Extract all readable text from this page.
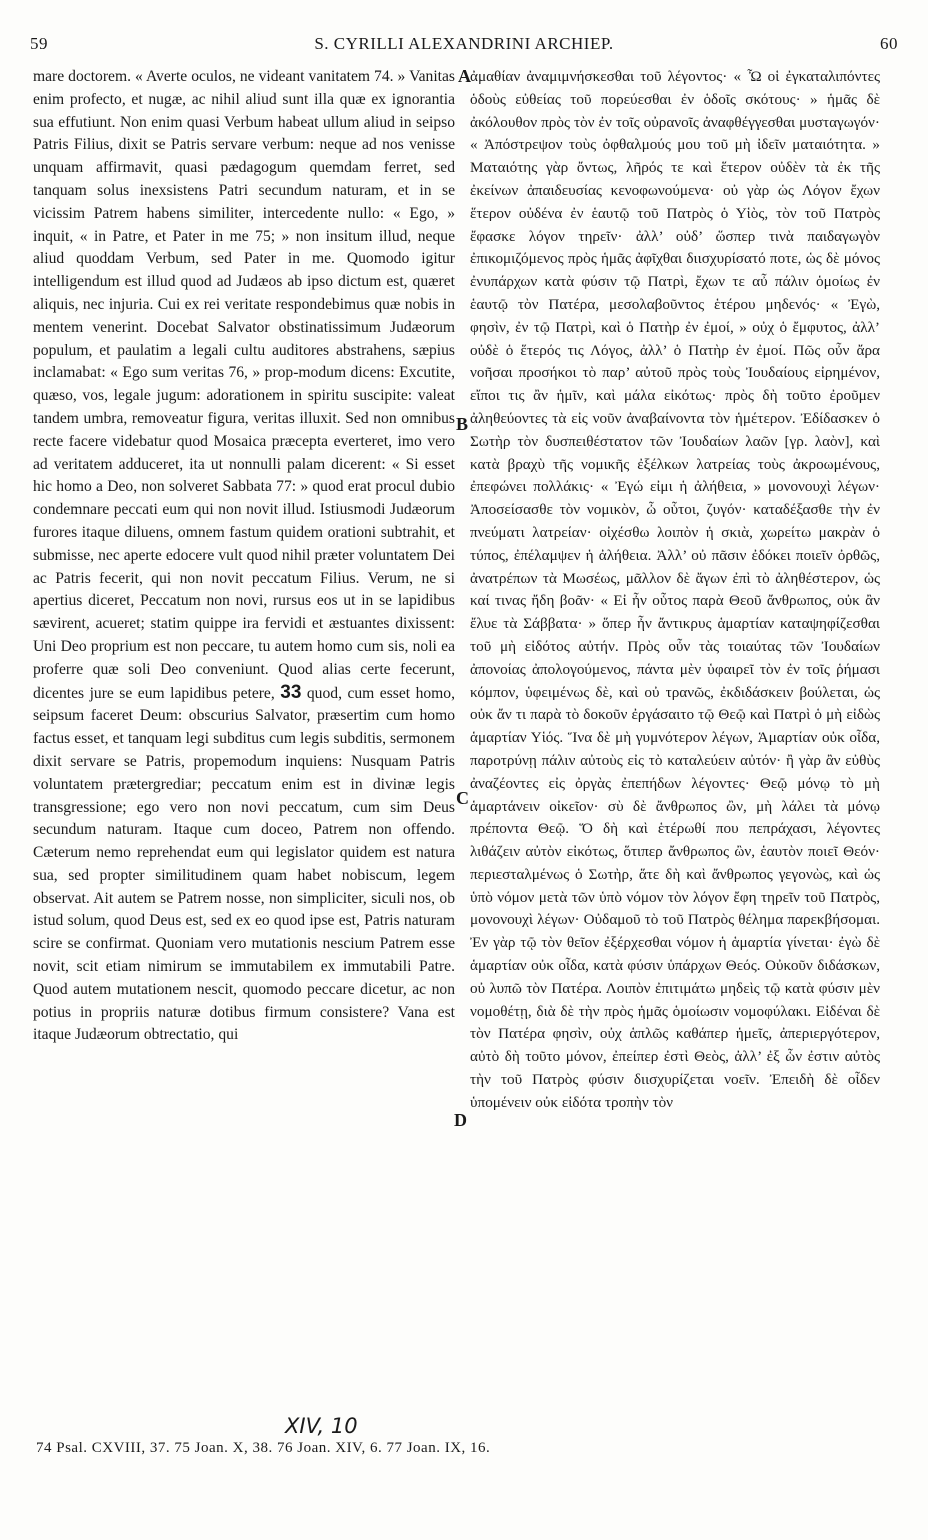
59	S. CYRILLI ALEXANDRINI ARCHIEP.	60

mare doctorem. « Averte oculos, ne videant vanitatem 74. » Vanitas enim profecto, et nugæ, ac nihil aliud sunt illa quæ ex ignorantia sua effutiunt. Non enim quasi Verbum habeat ullum aliud in seipso Patris Filius, dixit se Patris servare verbum: neque ad nos venisse unquam affirmavit, quasi pædagogum quemdam ferret, sed tanquam solus inexsistens Patri secundum naturam, et in se vicissim Patrem habens similiter, intercedente nullo: « Ego, » inquit, « in Patre, et Pater in me 75; » non insitum illud, neque aliud quoddam Verbum, sed Pater in me. Quomodo igitur intelligendum est illud quod ad Judæos ab ipso dictum est, quæret aliquis, nec injuria. Cui ex rei veritate respondebimus quæ nobis in mentem venerint. Docebat Salvator obstinatissimum Judæorum populum, et paulatim a legali cultu auditores abstrahens, sæpius inclamabat: « Ego sum veritas 76, » prop-modum dicens: Excutite, quæso, vos, legale jugum: adorationem in spiritu suscipite: valeat tandem umbra, removeatur figura, veritas illuxit. Sed non omnibus recte facere videbatur quod Mosaica præcepta everteret, imo vero ad veritatem adduceret, ita ut nonnulli palam dicerent: « Si esset hic homo a Deo, non solveret Sabbata 77: » quod erat procul dubio condemnare peccati eum qui non novit illud. Istiusmodi Judæorum furores itaque diluens, omnem fastum quidem orationi subtrahit, et submisse, nec aperte edocere vult quod nihil præter voluntatem Dei ac Patris fecerit, qui non novit peccatum Filius. Verum, ne si apertius diceret, Peccatum non novi, rursus eos ut in se lapidibus sævirent, acueret; statim quippe ira fervidi et æstuantes dixissent: Uni Deo proprium est non peccare, tu autem homo cum sis, noli ea proferre quæ soli Deo conveniunt. Quod alias certe fecerunt, dicentes jure se eum lapidibus petere, 33 quod, cum esset homo, seipsum faceret Deum: obscurius Salvator, præsertim cum homo factus esset, et tanquam legi subditus cum legis subditis, sermonem dixit servare se Patris, propemodum inquiens: Nusquam Patris voluntatem prætergrediar; peccatum enim est in divinæ legis transgressione; ego vero non novi peccatum, cum sim Deus secundum naturam. Itaque cum doceo, Patrem non offendo. Cæterum nemo reprehendat eum qui legislator quidem est natura sua, sed propter similitudinem quam habet nobiscum, legem observat. Ait autem se Patrem nosse, non simpliciter, siculi nos, ob istud solum, quod Deus est, sed ex eo quod ipse est, Patris naturam scire se confirmat. Quoniam vero mutationis nescium Patrem esse novit, scit etiam nimirum se immutabilem ex immutabili Patre. Quod autem mutationem nescit, quomodo peccare dicetur, ac non potius in propriis naturæ dotibus firmum consistere? Vana est itaque Judæorum obtrectatio, qui

A
B
C
D

ἀμαθίαν ἀναμιμνήσκεσθαι τοῦ λέγοντος· « Ὦ οἱ ἐγκαταλιπόντες ὁδοὺς εὐθείας τοῦ πορεύεσθαι ἐν ὁδοῖς σκότους· » ἡμᾶς δὲ ἀκόλουθον πρὸς τὸν ἐν τοῖς οὐρανοῖς ἀναφθέγγεσθαι μυσταγωγόν· « Ἀπόστρεψον τοὺς ὀφθαλμούς μου τοῦ μὴ ἰδεῖν ματαιότητα. » Ματαιότης γὰρ ὄντως, λῆρός τε καὶ ἕτερον οὐδὲν τὰ ἐκ τῆς ἐκείνων ἀπαιδευσίας κενοφωνούμενα· οὐ γὰρ ὡς Λόγον ἔχων ἕτερον οὐδένα ἐν ἑαυτῷ τοῦ Πατρὸς ὁ Υἱὸς, τὸν τοῦ Πατρὸς ἔφασκε λόγον τηρεῖν· ἀλλ’ οὐδ’ ὥσπερ τινὰ παιδαγωγὸν ἐπικομιζόμενος πρὸς ἡμᾶς ἀφῖχθαι διισχυρίσατό ποτε, ὡς δὲ μόνος ἐνυπάρχων κατὰ φύσιν τῷ Πατρὶ, ἔχων τε αὖ πάλιν ὁμοίως ἐν ἑαυτῷ τὸν Πατέρα, μεσολαβοῦντος ἑτέρου μηδενός· « Ἐγὼ, φησὶν, ἐν τῷ Πατρὶ, καὶ ὁ Πατὴρ ἐν ἐμοί, » οὐχ ὁ ἔμφυτος, ἀλλ’ οὐδὲ ὁ ἕτερός τις Λόγος, ἀλλ’ ὁ Πατὴρ ἐν ἐμοί. Πῶς οὖν ἄρα νοῆσαι προσήκοι τὸ παρ’ αὐτοῦ πρὸς τοὺς Ἰουδαίους εἰρημένον, εἴποι τις ἂν ἡμῖν, καὶ μάλα εἰκότως· πρὸς δὴ τοῦτο ἐροῦμεν ἀληθεύοντες τὰ εἰς νοῦν ἀναβαίνοντα τὸν ἡμέτερον. Ἐδίδασκεν ὁ Σωτὴρ τὸν δυσπειθέστατον τῶν Ἰουδαίων λαῶν [γρ. λαὸν], καὶ κατὰ βραχὺ τῆς νομικῆς ἐξέλκων λατρείας τοὺς ἀκροωμένους, ἐπεφώνει πολλάκις· « Ἐγώ εἰμι ἡ ἀλήθεια, » μονονουχὶ λέγων· Ἀποσείσασθε τὸν νομικὸν, ὦ οὗτοι, ζυγόν· καταδέξασθε τὴν ἐν πνεύματι λατρείαν· οἰχέσθω λοιπὸν ἡ σκιὰ, χωρείτω μακρὰν ὁ τύπος, ἐπέλαμψεν ἡ ἀλήθεια. Ἀλλ’ οὐ πᾶσιν ἐδόκει ποιεῖν ὀρθῶς, ἀνατρέπων τὰ Μωσέως, μᾶλλον δὲ ἄγων ἐπὶ τὸ ἀληθέστερον, ὡς καί τινας ἤδη βοᾶν· « Εἰ ἦν οὗτος παρὰ Θεοῦ ἄνθρωπος, οὐκ ἂν ἔλυε τὰ Σάββατα· » ὅπερ ἦν ἄντικρυς ἁμαρτίαν καταψηφίζεσθαι τοῦ μὴ εἰδότος αὐτήν. Πρὸς οὖν τὰς τοιαύτας τῶν Ἰουδαίων ἀπονοίας ἀπολογούμενος, πάντα μὲν ὑφαιρεῖ τὸν ἐν τοῖς ῥήμασι κόμπον, ὑφειμένως δὲ, καὶ οὐ τρανῶς, ἐκδιδάσκειν βούλεται, ὡς οὐκ ἄν τι παρὰ τὸ δοκοῦν ἐργάσαιτο τῷ Θεῷ καὶ Πατρὶ ὁ μὴ εἰδὼς ἁμαρτίαν Υἱός. Ἵνα δὲ μὴ γυμνότερον λέγων, Ἁμαρτίαν οὐκ οἶδα, παροτρύνῃ πάλιν αὐτοὺς εἰς τὸ καταλεύειν αὐτόν· ἢ γὰρ ἂν εὐθὺς ἀναζέοντες εἰς ὀργὰς ἐπεπήδων λέγοντες· Θεῷ μόνῳ τὸ μὴ ἁμαρτάνειν οἰκεῖον· σὺ δὲ ἄνθρωπος ὢν, μὴ λάλει τὰ μόνῳ πρέποντα Θεῷ. Ὅ δὴ καὶ ἑτέρωθί που πεπράχασι, λέγοντες λιθάζειν αὐτὸν εἰκότως, ὅτιπερ ἄνθρωπος ὢν, ἑαυτὸν ποιεῖ Θεόν· περιεσταλμένως ὁ Σωτὴρ, ἅτε δὴ καὶ ἄνθρωπος γεγονὼς, καὶ ὡς ὑπὸ νόμον μετὰ τῶν ὑπὸ νόμον τὸν λόγον ἔφη τηρεῖν τοῦ Πατρὸς, μονονουχὶ λέγων· Οὐδαμοῦ τὸ τοῦ Πατρὸς θέλημα παρεκβήσομαι. Ἐν γὰρ τῷ τὸν θεῖον ἐξέρχεσθαι νόμον ἡ ἁμαρτία γίνεται· ἐγὼ δὲ ἁμαρτίαν οὐκ οἶδα, κατὰ φύσιν ὑπάρχων Θεός. Οὐκοῦν διδάσκων, οὐ λυπῶ τὸν Πατέρα. Λοιπὸν ἐπιτιμάτω μηδεὶς τῷ κατὰ φύσιν μὲν νομοθέτῃ, διὰ δὲ τὴν πρὸς ἡμᾶς ὁμοίωσιν νομοφύλακι. Εἰδέναι δὲ τὸν Πατέρα φησὶν, οὐχ ἁπλῶς καθάπερ ἡμεῖς, ἀπεριεργότερον, αὐτὸ δὴ τοῦτο μόνον, ἐπείπερ ἐστὶ Θεὸς, ἀλλ’ ἐξ ὧν ἐστιν αὐτὸς τὴν τοῦ Πατρὸς φύσιν διισχυρίζεται νοεῖν. Ἐπειδὴ δὲ οἶδεν ὑπομένειν οὐκ εἰδότα τροπὴν τὸν

XIV, 10
74 Psal. CXVIII, 37. 75 Joan. X, 38. 76 Joan. XIV, 6. 77 Joan. IX, 16.
